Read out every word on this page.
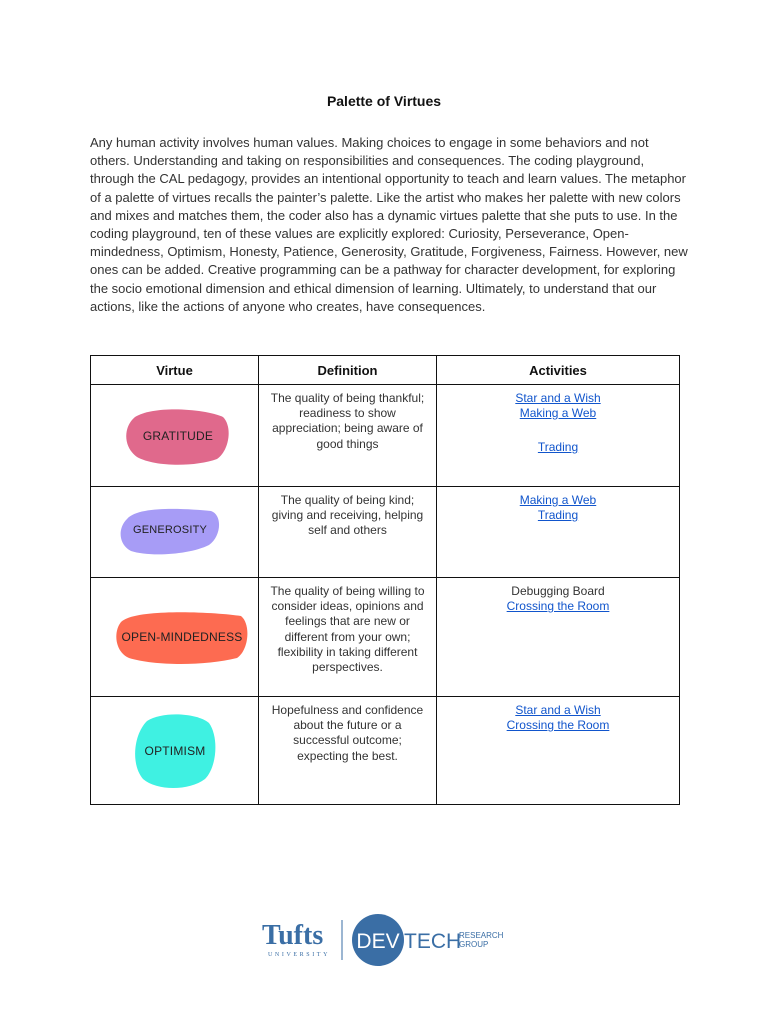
Palette of Virtues

Any human activity involves human values. Making choices to engage in some behaviors and not others. Understanding and taking on responsibilities and consequences. The coding playground, through the CAL pedagogy, provides an intentional opportunity to teach and learn values. The metaphor of a palette of virtues recalls the painter’s palette. Like the artist who makes her palette with new colors and mixes and matches them, the coder also has a dynamic virtues palette that she puts to use. In the coding playground, ten of these values are explicitly explored: Curiosity, Perseverance, Open-mindedness, Optimism, Honesty, Patience, Generosity, Gratitude, Forgiveness, Fairness. However, new ones can be added. Creative programming can be a pathway for character development, for exploring the socio emotional dimension and ethical dimension of learning. Ultimately, to understand that our actions, like the actions of anyone who creates, have consequences.

Virtue	Definition	Activities

GRATITUDE	The quality of being thankful; readiness to show appreciation; being aware of good things	Star and a Wish
Making a Web
Trading

GENEROSITY	The quality of being kind; giving and receiving, helping self and others	Making a Web
Trading

OPEN-MINDEDNESS	The quality of being willing to consider ideas, opinions and feelings that are new or different from your own; flexibility in taking different perspectives.	Debugging Board
Crossing the Room

OPTIMISM	Hopefulness and confidence about the future or a successful outcome; expecting the best.	Star and a Wish
Crossing the Room
Tufts
UNIVERSITY
DEV TECH
RESEARCH
GROUP
